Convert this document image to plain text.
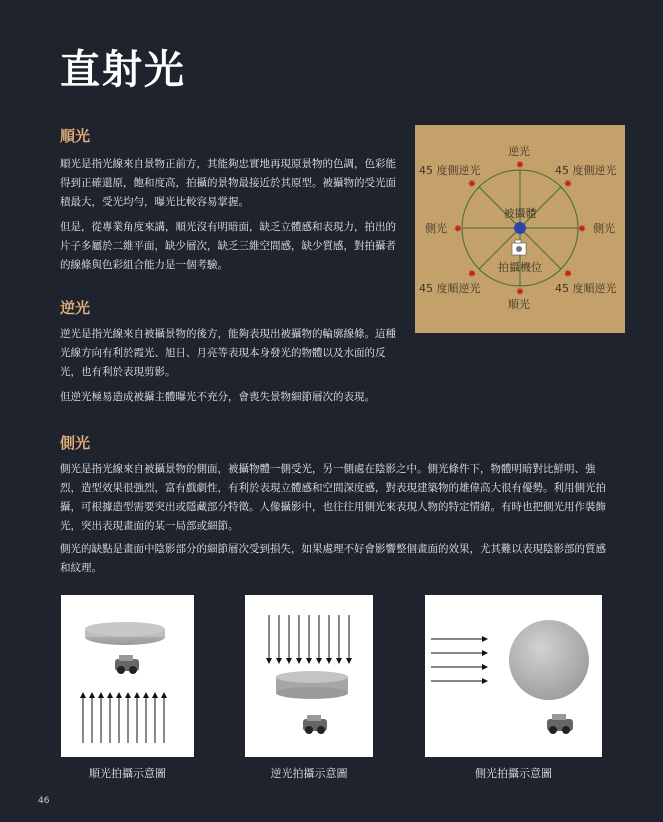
直射光
順光

順光是指光線來自景物正前方，其能夠忠實地再現原景物的色調，色彩能得到正確還原，飽和度高，拍攝的景物最接近於其原型。被攝物的受光面積最大，受光均勻，曝光比較容易掌握。

但是，從專業角度來講，順光沒有明暗面，缺乏立體感和表現力，拍出的片子多屬於二維平面，缺少層次，缺乏三維空間感，缺少質感，對拍攝者的線條與色彩組合能力是一個考驗。

逆光

逆光是指光線來自被攝景物的後方，能夠表現出被攝物的輪廓線條。這種光線方向有利於霞光、旭日、月亮等表現本身發光的物體以及水面的反光，也有利於表現剪影。

但逆光極易造成被攝主體曝光不充分，會喪失景物細節層次的表現。

側光

側光是指光線來自被攝景物的側面，被攝物體一側受光，另一側處在陰影之中。側光條件下，物體明暗對比鮮明、強烈，造型效果很強烈，富有戲劇性，有利於表現立體感和空間深度感，對表現建築物的雄偉高大很有優勢。利用側光拍攝，可根據造型需要突出或隱藏部分特徵。人像攝影中，也往往用側光來表現人物的特定情緒。有時也把側光用作裝飾光，突出表現畫面的某一局部或細節。

側光的缺點是畫面中陰影部分的細節層次受到損失，如果處理不好會影響整個畫面的效果，尤其難以表現陰影部的質感和紋理。

✹
✹	✹
✹	✹
✹	✹
✹
逆光
45 度側逆光	45 度側逆光
側光	側光
被攝體
拍攝機位
45 度順逆光	45 度順逆光
順光
順光拍攝示意圖	逆光拍攝示意圖	側光拍攝示意圖
46
